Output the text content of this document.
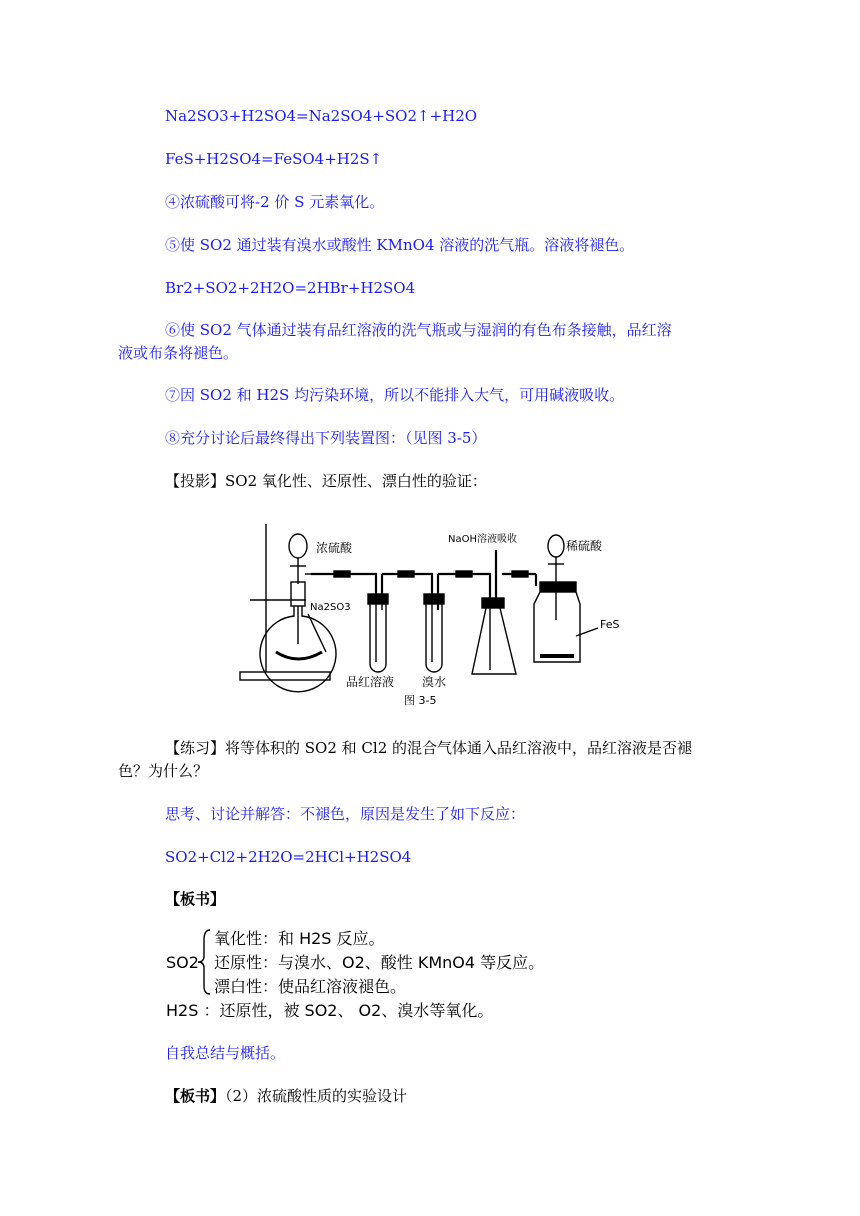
Na2SO3+H2SO4=Na2SO4+SO2↑+H2O
FeS+H2SO4=FeSO4+H2S↑
④浓硫酸可将-2 价 S 元素氧化。
⑤使 SO2 通过装有溴水或酸性 KMnO4 溶液的洗气瓶。溶液将褪色。
Br2+SO2+2H2O=2HBr+H2SO4
⑥使 SO2 气体通过装有品红溶液的洗气瓶或与湿润的有色布条接触，品红溶
液或布条将褪色。
⑦因 SO2 和 H2S 均污染环境，所以不能排入大气，可用碱液吸收。
⑧充分讨论后最终得出下列装置图：（见图 3-5）
【投影】SO2 氧化性、还原性、漂白性的验证：
浓硫酸
NaOH溶液吸收	稀硫酸
Na2SO3
FeS
品红溶液 溴水
图 3-5
【练习】将等体积的 SO2 和 Cl2 的混合气体通入品红溶液中，品红溶液是否褪
色？为什么？
思考、讨论并解答：不褪色，原因是发生了如下反应：
SO2+Cl2+2H2O=2HCl+H2SO4
【板书】
SO2
氧化性：和 H2S 反应。
还原性：与溴水、O2、酸性 KMnO4 等反应。
漂白性：使品红溶液褪色。
H2S ：还原性，被 SO2、 O2、溴水等氧化。
自我总结与概括。
【板书】（2）浓硫酸性质的实验设计
